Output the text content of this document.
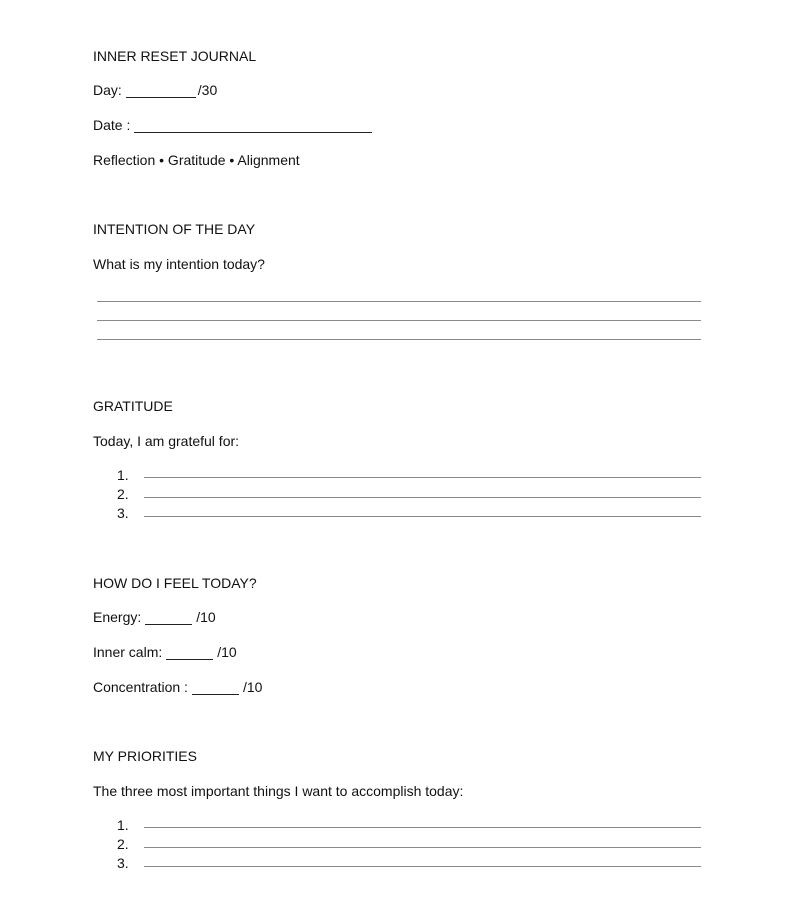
INNER RESET JOURNAL
Day:	/30
Date :
Reflection • Gratitude • Alignment
INTENTION OF THE DAY
What is my intention today?
GRATITUDE
Today, I am grateful for:
1.
2.
3.
HOW DO I FEEL TODAY?
Energy:	/10
Inner calm:	/10
Concentration :	/10
MY PRIORITIES
The three most important things I want to accomplish today:
1.
2.
3.
